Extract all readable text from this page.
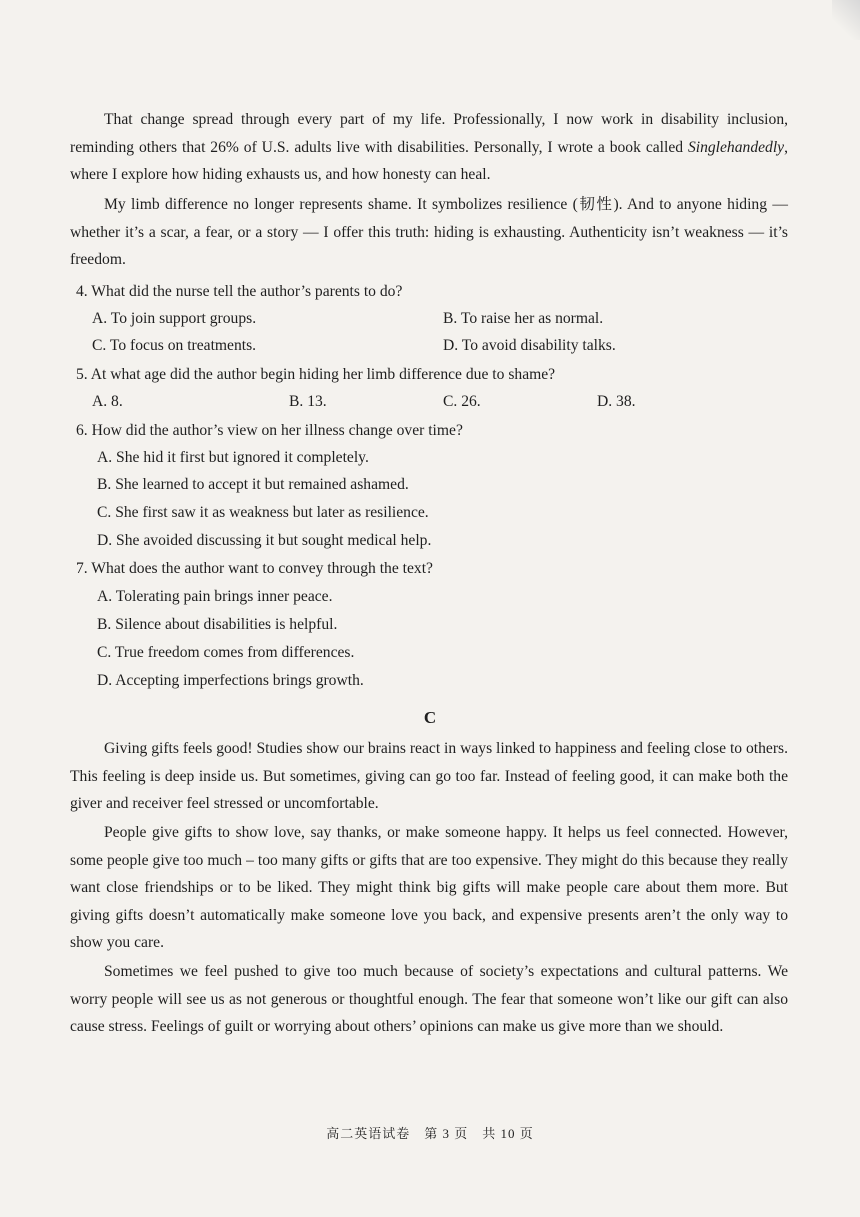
That change spread through every part of my life. Professionally, I now work in disability inclusion, reminding others that 26% of U.S. adults live with disabilities. Personally, I wrote a book called Singlehandedly, where I explore how hiding exhausts us, and how honesty can heal.
My limb difference no longer represents shame. It symbolizes resilience (韧性). And to anyone hiding — whether it’s a scar, a fear, or a story — I offer this truth: hiding is exhausting. Authenticity isn’t weakness — it’s freedom.
4. What did the nurse tell the author’s parents to do?
A. To join support groups.	B. To raise her as normal.
C. To focus on treatments.	D. To avoid disability talks.
5. At what age did the author begin hiding her limb difference due to shame?
A. 8.	B. 13.	C. 26.	D. 38.
6. How did the author’s view on her illness change over time?
A. She hid it first but ignored it completely.
B. She learned to accept it but remained ashamed.
C. She first saw it as weakness but later as resilience.
D. She avoided discussing it but sought medical help.
7. What does the author want to convey through the text?
A. Tolerating pain brings inner peace.
B. Silence about disabilities is helpful.
C. True freedom comes from differences.
D. Accepting imperfections brings growth.
C
Giving gifts feels good! Studies show our brains react in ways linked to happiness and feeling close to others. This feeling is deep inside us. But sometimes, giving can go too far. Instead of feeling good, it can make both the giver and receiver feel stressed or uncomfortable.
People give gifts to show love, say thanks, or make someone happy. It helps us feel connected. However, some people give too much – too many gifts or gifts that are too expensive. They might do this because they really want close friendships or to be liked. They might think big gifts will make people care about them more. But giving gifts doesn’t automatically make someone love you back, and expensive presents aren’t the only way to show you care.
Sometimes we feel pushed to give too much because of society’s expectations and cultural patterns. We worry people will see us as not generous or thoughtful enough. The fear that someone won’t like our gift can also cause stress. Feelings of guilt or worrying about others’ opinions can make us give more than we should.
高二英语试卷　第 3 页　共 10 页
